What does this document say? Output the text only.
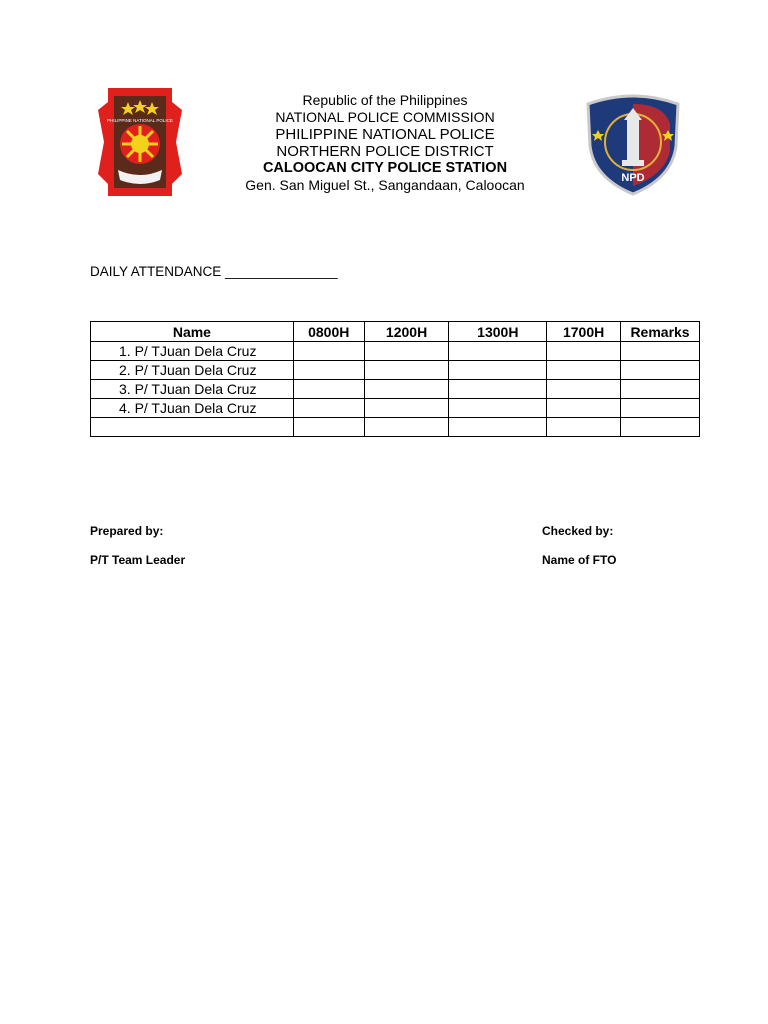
PHILIPPINE NATIONAL POLICE
NPD
Republic of the Philippines
NATIONAL POLICE COMMISSION
PHILIPPINE NATIONAL POLICE
NORTHERN POLICE DISTRICT
CALOOCAN CITY POLICE STATION
Gen. San Miguel St., Sangandaan, Caloocan
DAILY ATTENDANCE _______________
Name	0800H	1200H	1300H	1700H	Remarks
1. P/ TJuan Dela Cruz					
2. P/ TJuan Dela Cruz					
3. P/ TJuan Dela Cruz					
4. P/ TJuan Dela Cruz					

Prepared by:
P/T Team Leader
Checked by:
Name of FTO
